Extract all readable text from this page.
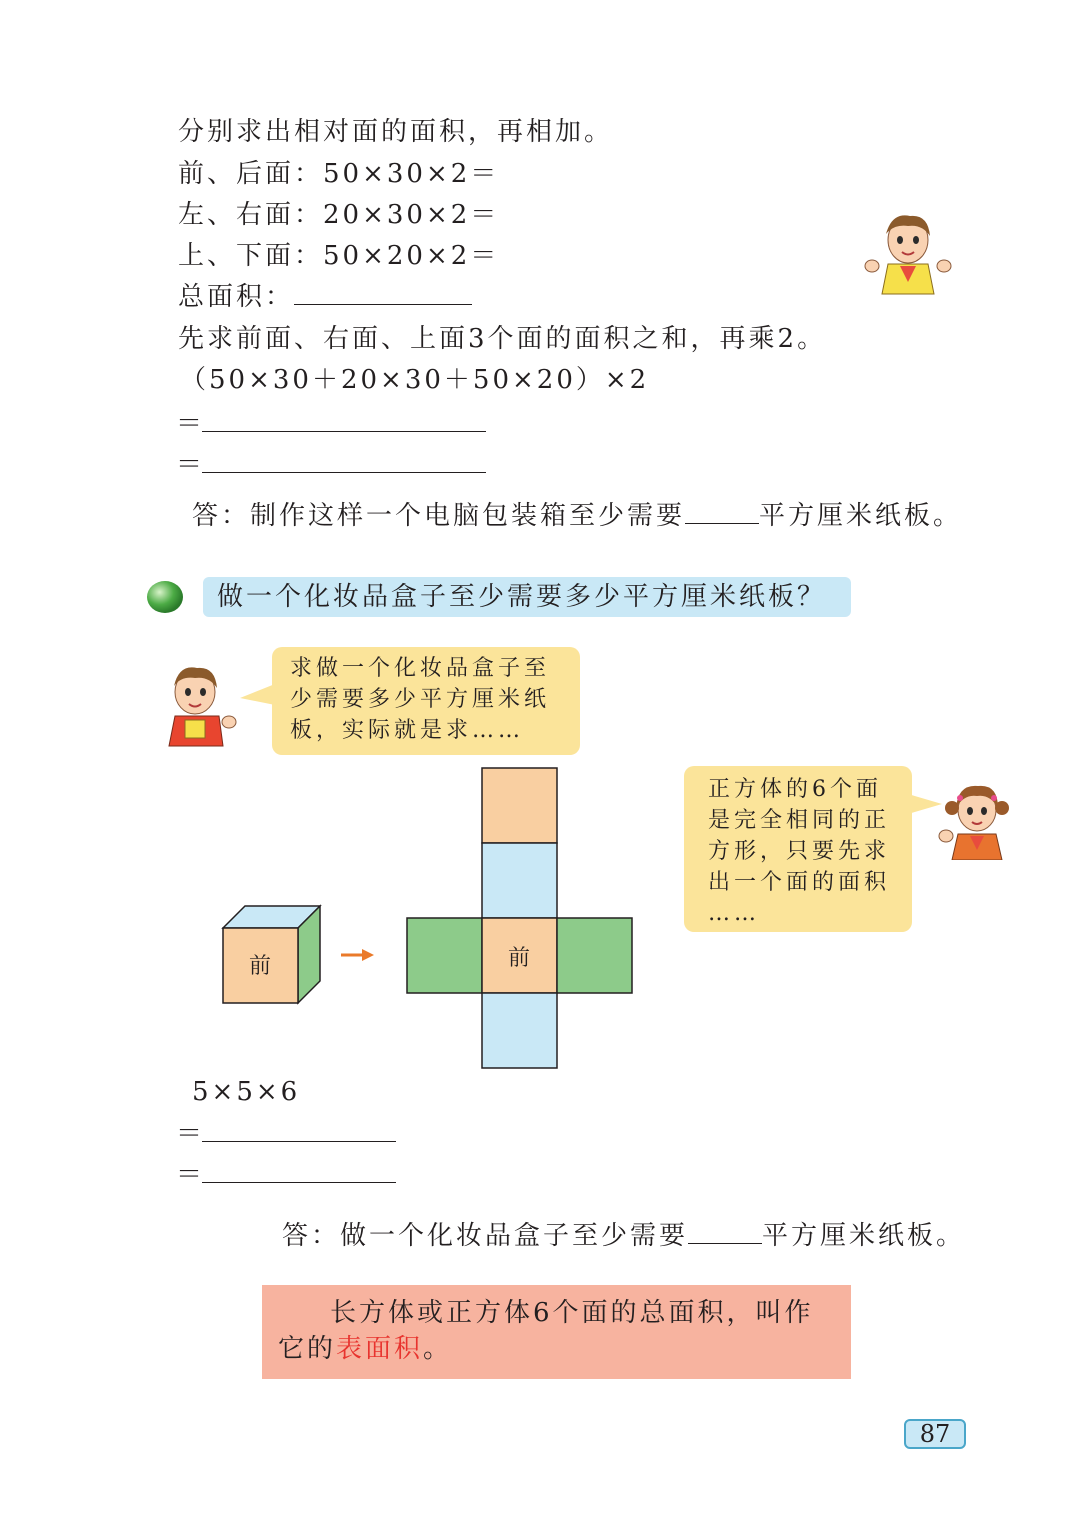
分别求出相对面的面积，再相加。
前、后面：50×30×2＝
左、右面：20×30×2＝
上、下面：50×20×2＝
总面积：
先求前面、右面、上面3个面的面积之和，再乘2。
（50×30＋20×30＋50×20）×2
＝
＝
答：制作这样一个电脑包装箱至少需要	平方厘米纸板。
做一个化妆品盒子至少需要多少平方厘米纸板？
求做一个化妆品盒子至
少需要多少平方厘米纸
板，实际就是求……
正方体的6个面
是完全相同的正
方形，只要先求
出一个面的面积
……
前	前
5×5×6
＝
＝
答：做一个化妆品盒子至少需要	平方厘米纸板。
长方体或正方体6个面的总面积，叫作
它的表面积。
87
